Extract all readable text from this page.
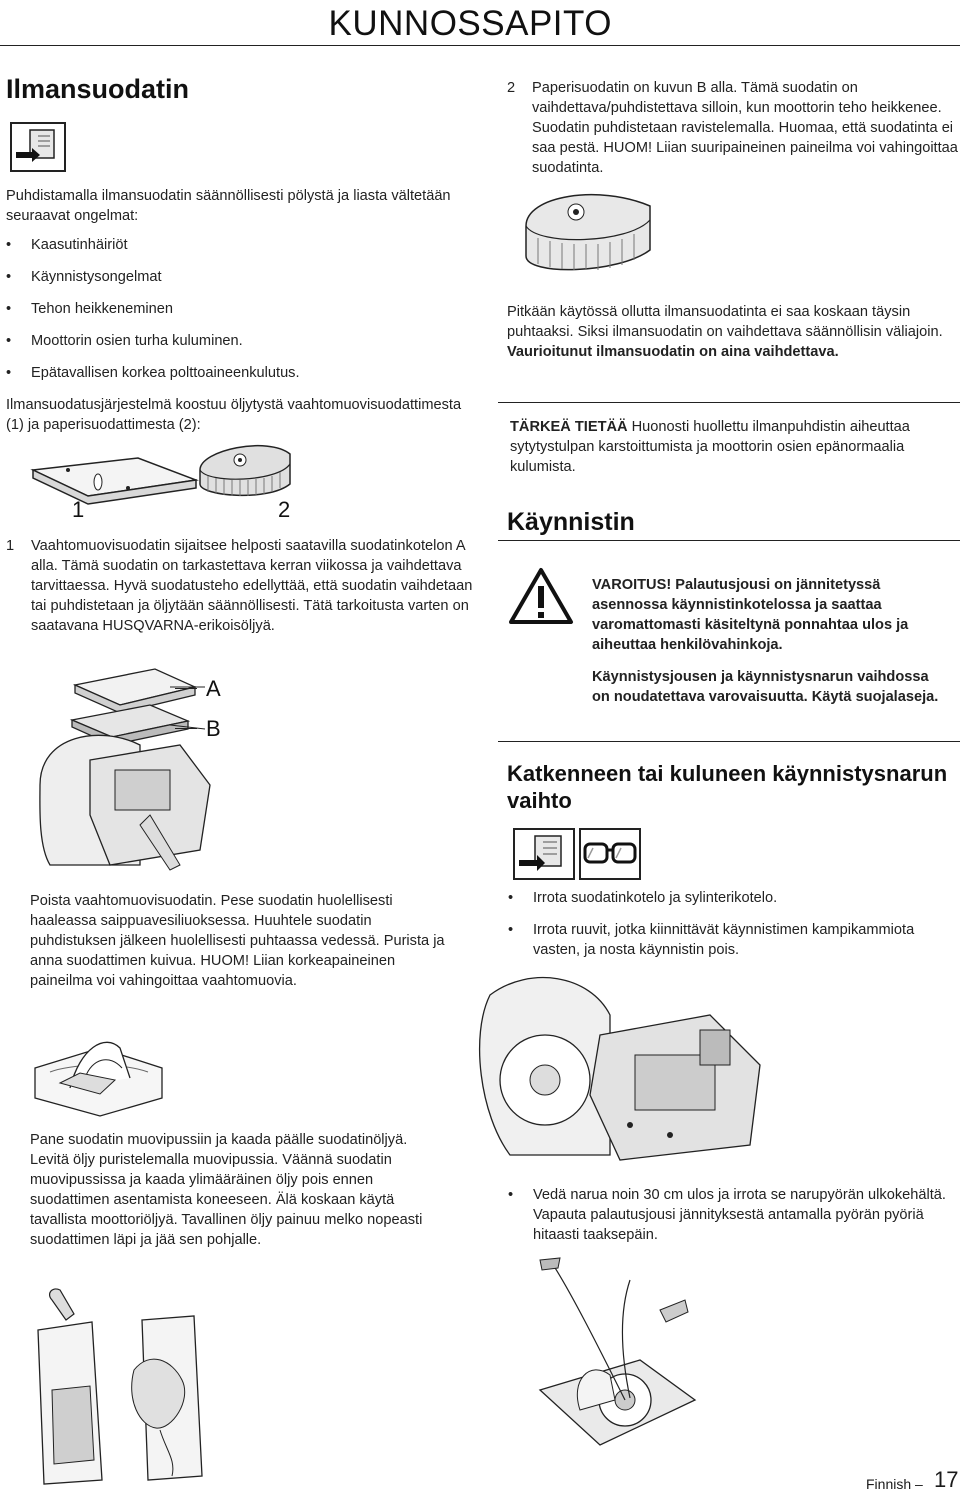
KUNNOSSAPITO
Ilmansuodatin
Puhdistamalla ilmansuodatin säännöllisesti pölystä ja liasta vältetään seuraavat ongelmat:
• Kaasutinhäiriöt
• Käynnistysongelmat
• Tehon heikkeneminen
• Moottorin osien turha kuluminen.
• Epätavallisen korkea polttoaineenkulutus.
Ilmansuodatusjärjestelmä koostuu öljytystä vaahtomuovisuodattimesta (1) ja paperisuodattimesta (2):
1	2
1 Vaahtomuovisuodatin sijaitsee helposti saatavilla suodatinkotelon A alla. Tämä suodatin on tarkastettava kerran viikossa ja vaihdettava tarvittaessa. Hyvä suodatusteho edellyttää, että suodatin vaihdetaan tai puhdistetaan ja öljytään säännöllisesti. Tätä tarkoitusta varten on saatavana HUSQVARNA-erikoisöljyä.
A
B
Poista vaahtomuovisuodatin. Pese suodatin huolellisesti haaleassa saippuavesiliuoksessa. Huuhtele suodatin puhdistuksen jälkeen huolellisesti puhtaassa vedessä. Purista ja anna suodattimen kuivua. HUOM! Liian korkeapaineinen paineilma voi vahingoittaa vaahtomuovia.
Pane suodatin muovipussiin ja kaada päälle suodatinöljyä. Levitä öljy puristelemalla muovipussia. Väännä suodatin muovipussissa ja kaada ylimääräinen öljy pois ennen suodattimen asentamista koneeseen. Älä koskaan käytä tavallista moottoriöljyä. Tavallinen öljy painuu melko nopeasti suodattimen läpi ja jää sen pohjalle.
2 Paperisuodatin on kuvun B alla. Tämä suodatin on vaihdettava/puhdistettava silloin, kun moottorin teho heikkenee. Suodatin puhdistetaan ravistelemalla. Huomaa, että suodatinta ei saa pestä. HUOM! Liian suuripaineinen paineilma voi vahingoittaa suodatinta.
Pitkään käytössä ollutta ilmansuodatinta ei saa koskaan täysin puhtaaksi. Siksi ilmansuodatin on vaihdettava säännöllisin väliajoin. Vaurioitunut ilmansuodatin on aina vaihdettava.
TÄRKEÄ TIETÄÄ Huonosti huollettu ilmanpuhdistin aiheuttaa sytytystulpan karstoittumista ja moottorin osien epänormaalia kulumista.
Käynnistin
VAROITUS! Palautusjousi on jännitetyssä asennossa käynnistinkotelossa ja saattaa varomattomasti käsiteltynä ponnahtaa ulos ja aiheuttaa henkilövahinkoja.
Käynnistysjousen ja käynnistysnarun vaihdossa on noudatettava varovaisuutta. Käytä suojalaseja.
Katkenneen tai kuluneen käynnistysnarun vaihto
• Irrota suodatinkotelo ja sylinterikotelo.
• Irrota ruuvit, jotka kiinnittävät käynnistimen kampikammiota vasten, ja nosta käynnistin pois.
• Vedä narua noin 30 cm ulos ja irrota se narupyörän ulkokehältä. Vapauta palautusjousi jännityksestä antamalla pyörän pyöriä hitaasti taaksepäin.
Finnish – 17
